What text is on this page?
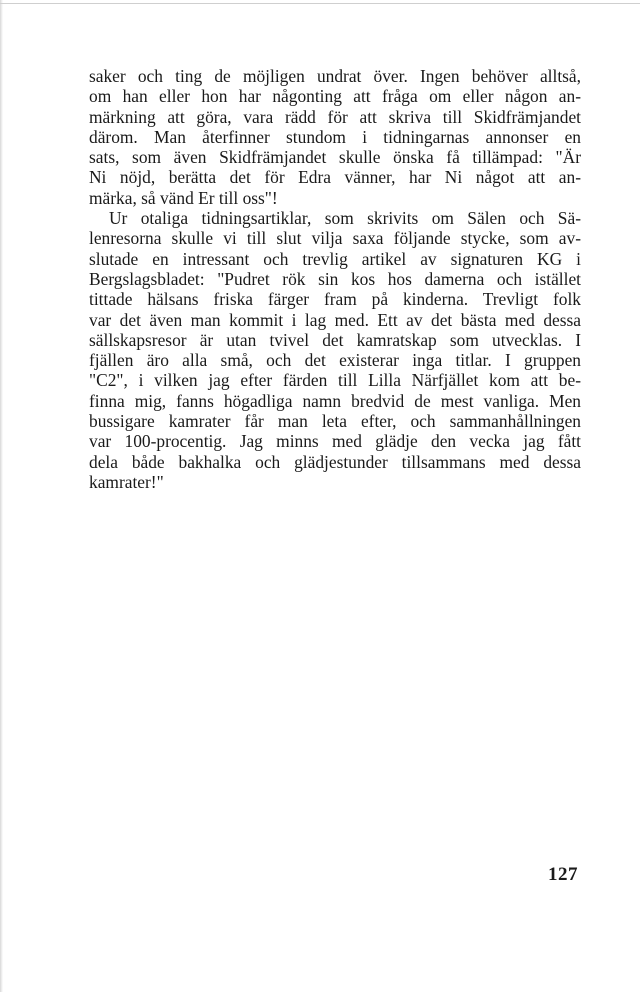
saker och ting de möjligen undrat över. Ingen behöver alltså,
om han eller hon har någonting att fråga om eller någon an-
märkning att göra, vara rädd för att skriva till Skidfrämjandet
därom. Man återfinner stundom i tidningarnas annonser en
sats, som även Skidfrämjandet skulle önska få tillämpad: "Är
Ni nöjd, berätta det för Edra vänner, har Ni något att an-
märka, så vänd Er till oss"!
Ur otaliga tidningsartiklar, som skrivits om Sälen och Sä-
lenresorna skulle vi till slut vilja saxa följande stycke, som av-
slutade en intressant och trevlig artikel av signaturen KG i
Bergslagsbladet: "Pudret rök sin kos hos damerna och istället
tittade hälsans friska färger fram på kinderna. Trevligt folk
var det även man kommit i lag med. Ett av det bästa med dessa
sällskapsresor är utan tvivel det kamratskap som utvecklas. I
fjällen äro alla små, och det existerar inga titlar. I gruppen
"C2", i vilken jag efter färden till Lilla Närfjället kom att be-
finna mig, fanns högadliga namn bredvid de mest vanliga. Men
bussigare kamrater får man leta efter, och sammanhållningen
var 100-procentig. Jag minns med glädje den vecka jag fått
dela både bakhalka och glädjestunder tillsammans med dessa
kamrater!"
127
